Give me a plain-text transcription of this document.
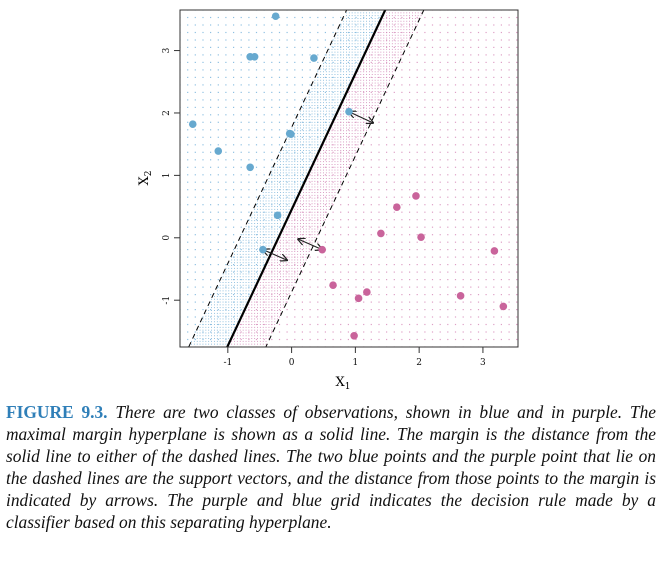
-1	0	1	2	3
-1
0
1
2
3
$X_1$
$X_2$
FIGURE 9.3. There are two classes of observations, shown in blue and in purple. The maximal margin hyperplane is shown as a solid line. The margin is the distance from the solid line to either of the dashed lines. The two blue points and the purple point that lie on the dashed lines are the support vectors, and the distance from those points to the margin is indicated by arrows. The purple and blue grid indicates the decision rule made by a classifier based on this separating hyperplane.
